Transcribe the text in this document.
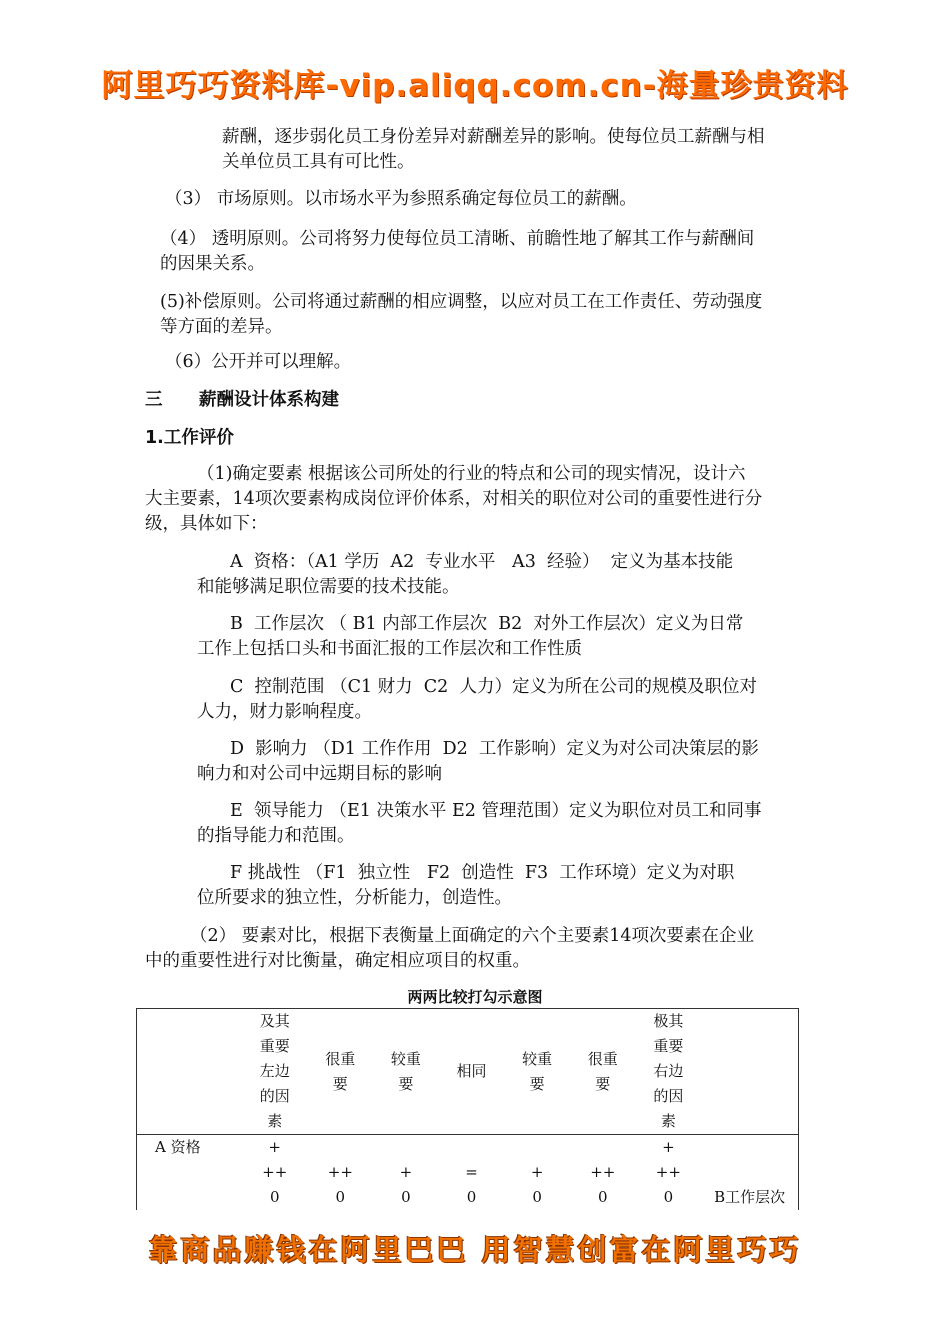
阿里巧巧资料库-vip.aliqq.com.cn-海量珍贵资料

薪酬，逐步弱化员工身份差异对薪酬差异的影响。使每位员工薪酬与相

关单位员工具有可比性。

（3） 市场原则。以市场水平为参照系确定每位员工的薪酬。

（4） 透明原则。公司将努力使每位员工清晰、前瞻性地了解其工作与薪酬间

的因果关系。

(5)补偿原则。公司将通过薪酬的相应调整，以应对员工在工作责任、劳动强度

等方面的差异。

（6）公开并可以理解。

三      薪酬设计体系构建

1.工作评价

（1)确定要素 根据该公司所处的行业的特点和公司的现实情况，设计六

大主要素，14项次要素构成岗位评价体系，对相关的职位对公司的重要性进行分

级，具体如下：

A  资格：（A1 学历  A2  专业水平   A3  经验）  定义为基本技能

和能够满足职位需要的技术技能。

B  工作层次 （ B1 内部工作层次  B2  对外工作层次）定义为日常

工作上包括口头和书面汇报的工作层次和工作性质

C  控制范围 （C1 财力  C2  人力）定义为所在公司的规模及职位对

人力，财力影响程度。

D  影响力 （D1 工作作用  D2  工作影响）定义为对公司决策层的影

响力和对公司中远期目标的影响

E  领导能力 （E1 决策水平 E2 管理范围）定义为职位对员工和同事

的指导能力和范围。

F 挑战性 （F1  独立性   F2  创造性  F3  工作环境）定义为对职

位所要求的独立性，分析能力，创造性。

（2） 要素对比，根据下表衡量上面确定的六个主要素14项次要素在企业

中的重要性进行对比衡量，确定相应项目的权重。

两两比较打勾示意图
	及其重要左边的因素	很重要	较重要	相同	较重要	很重要	极其重要右边的因素	
A 资格	+						+	
	++	++	+	=	+	++	++	
	0	0	0	0	0	0	0	B工作层次
靠商品赚钱在阿里巴巴 用智慧创富在阿里巧巧
